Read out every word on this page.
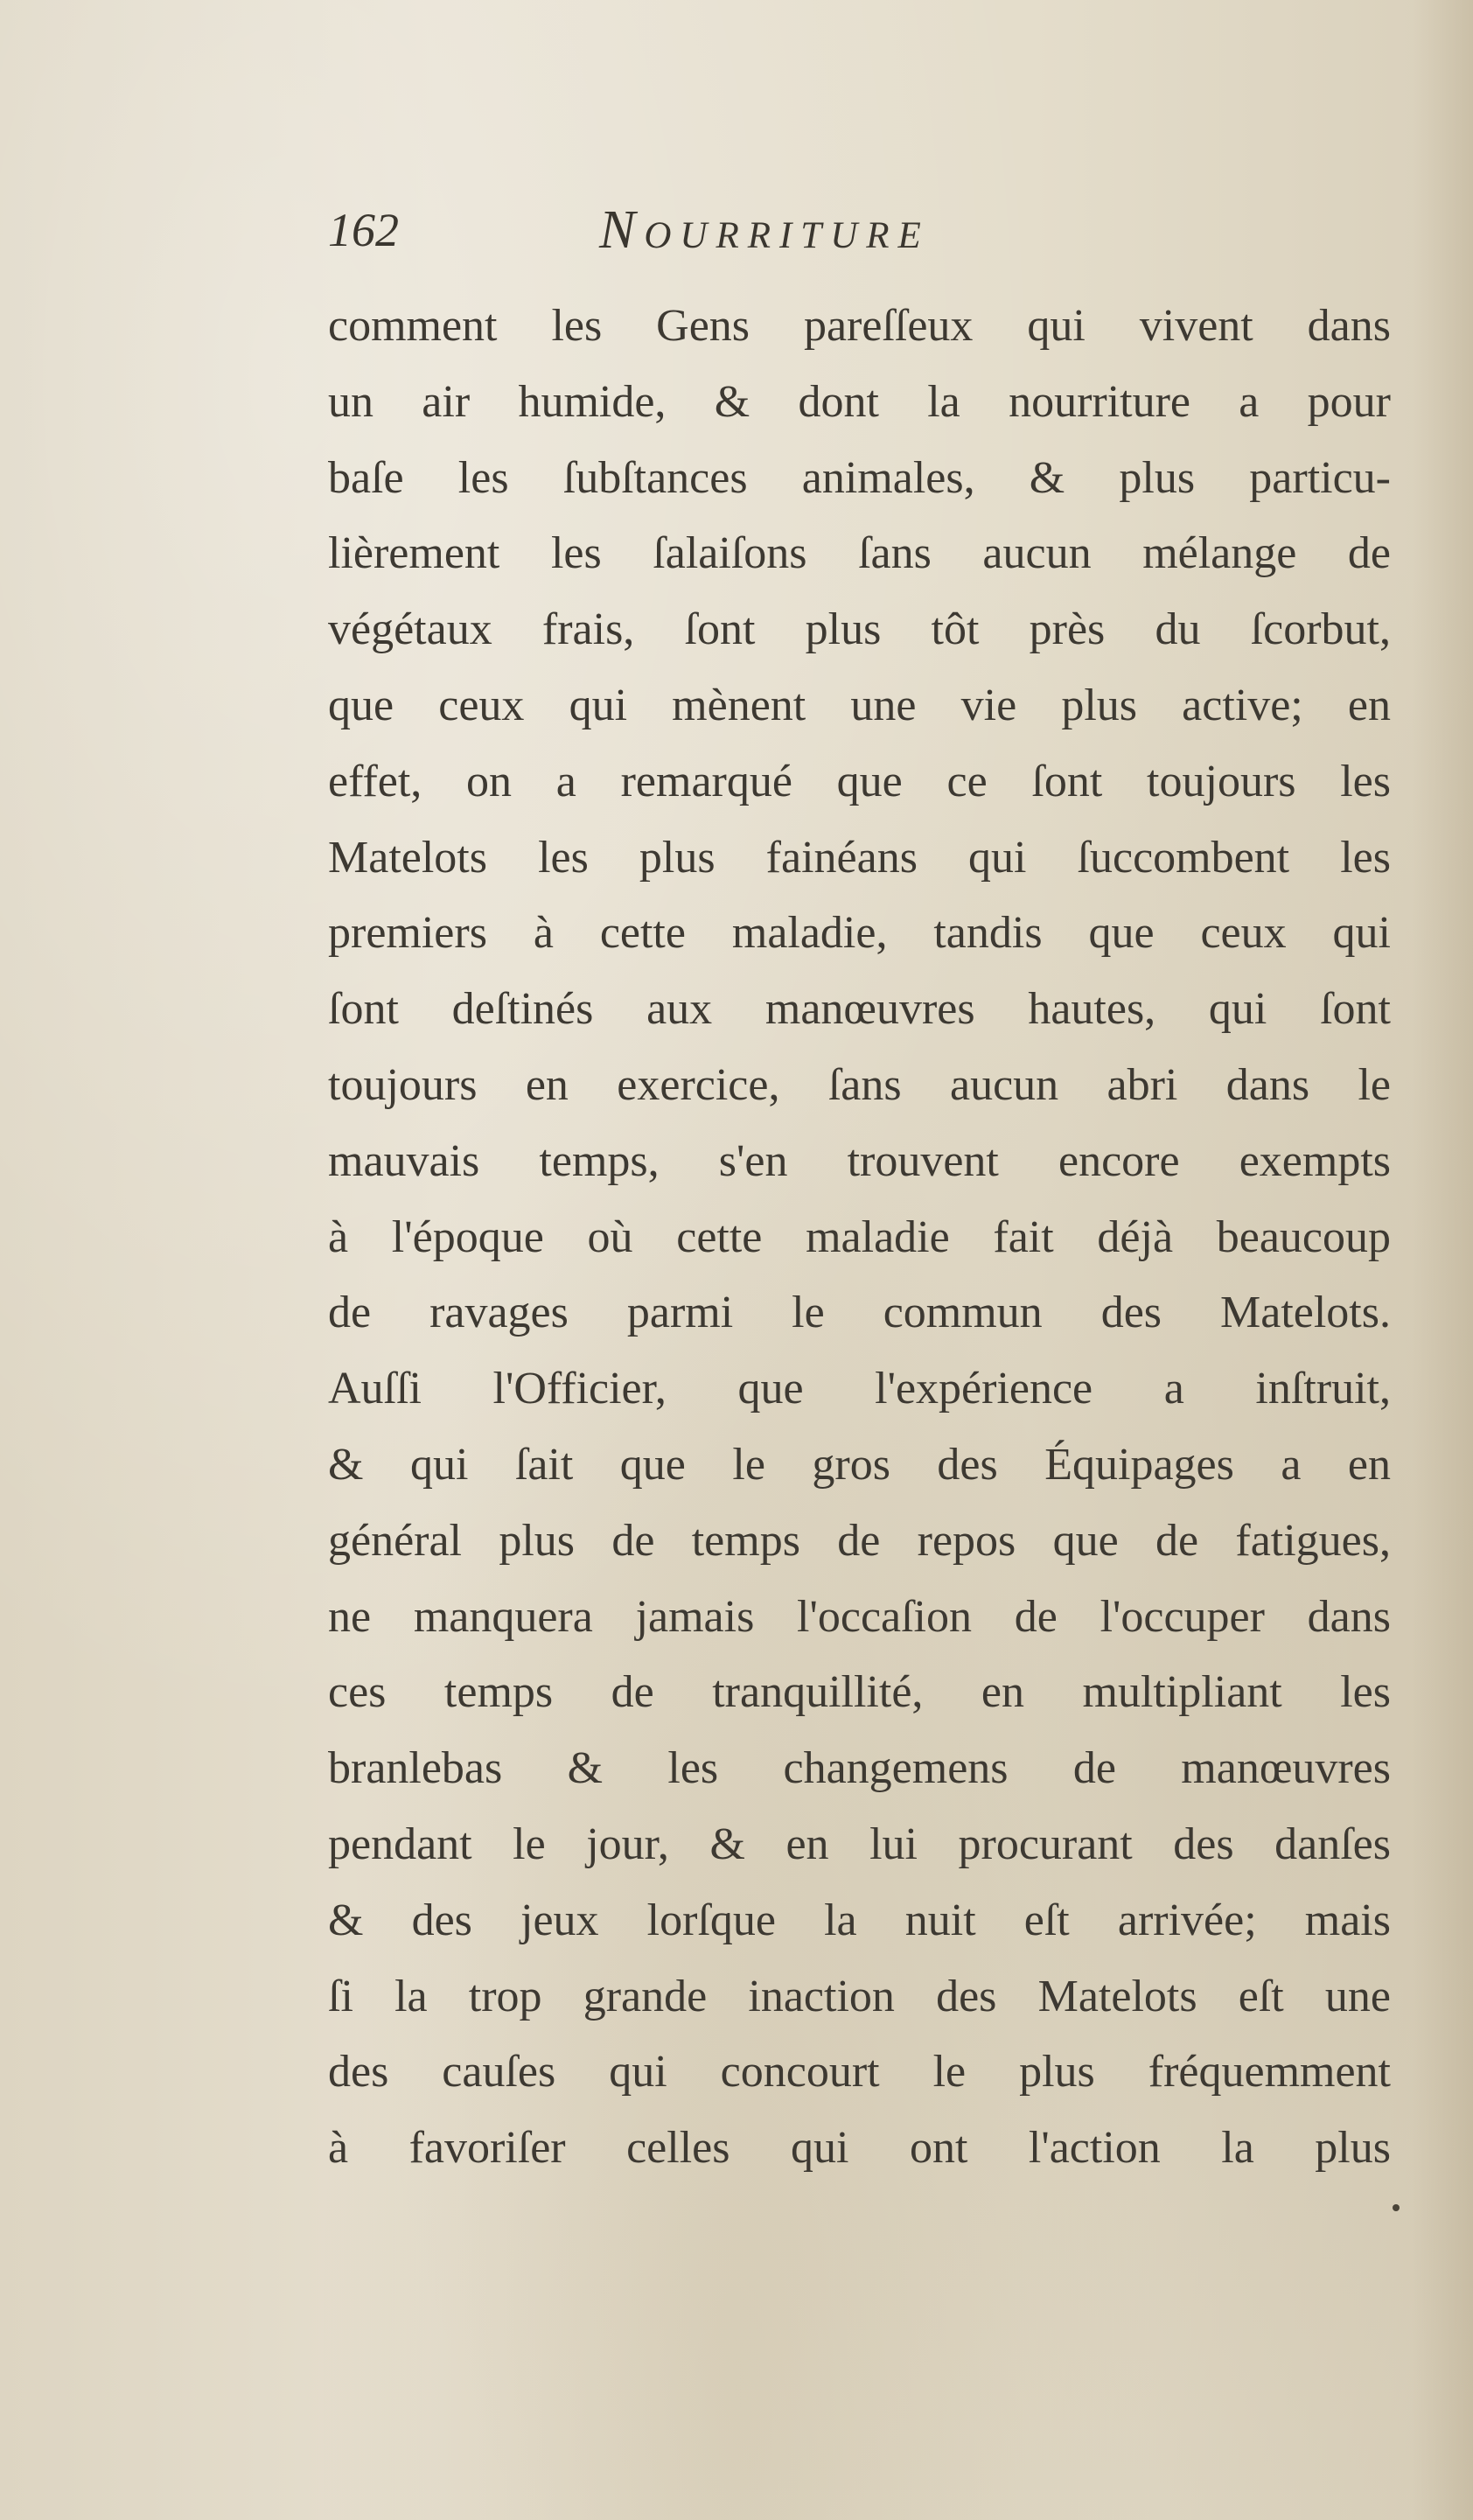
162	Nourriture
comment les Gens pareſſeux qui vivent dans
un air humide, & dont la nourriture a pour
baſe les ſubſtances animales, & plus particu-
lièrement les ſalaiſons ſans aucun mélange de
végétaux frais, ſont plus tôt près du ſcorbut,
que ceux qui mènent une vie plus active; en
effet, on a remarqué que ce ſont toujours les
Matelots les plus fainéans qui ſuccombent les
premiers à cette maladie, tandis que ceux qui
ſont deſtinés aux manœuvres hautes, qui ſont
toujours en exercice, ſans aucun abri dans le
mauvais temps, s'en trouvent encore exempts
à l'époque où cette maladie fait déjà beaucoup
de ravages parmi le commun des Matelots.
Auſſi l'Officier, que l'expérience a inſtruit,
& qui ſait que le gros des Équipages a en
général plus de temps de repos que de fatigues,
ne manquera jamais l'occaſion de l'occuper dans
ces temps de tranquillité, en multipliant les
branlebas & les changemens de manœuvres
pendant le jour, & en lui procurant des danſes
& des jeux lorſque la nuit eſt arrivée; mais
ſi la trop grande inaction des Matelots eſt une
des cauſes qui concourt le plus fréquemment
à favoriſer celles qui ont l'action la plus
